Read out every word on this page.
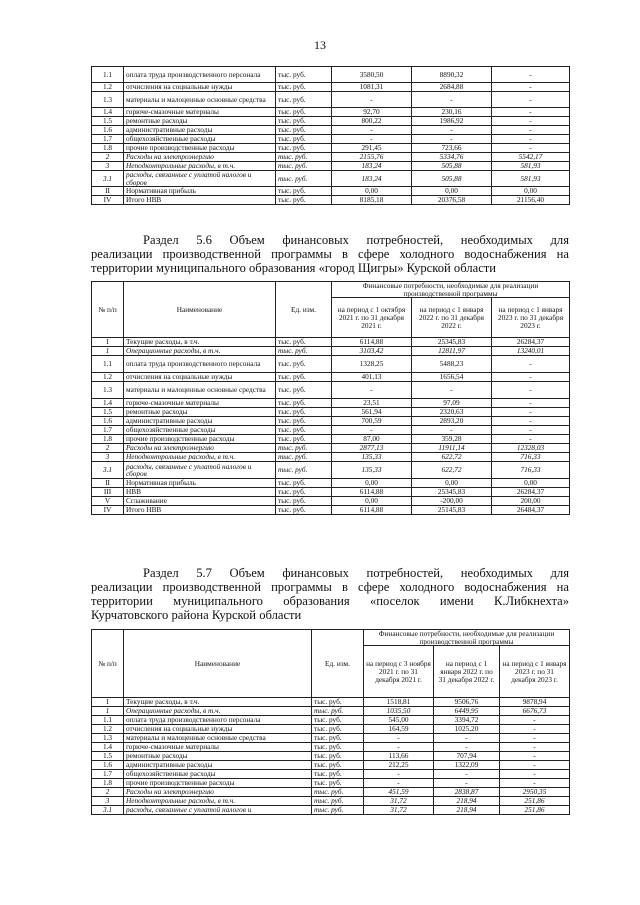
13
1.1	оплата труда производственного персонала	тыс. руб.	3580,50	8890,32	-
1.2	отчисления на социальные нужды	тыс. руб.	1081,31	2684,88	-
1.3	материалы и малоценные основные средства	тыс. руб.	-	-	-
1.4	горюче-смазочные материалы	тыс. руб.	92,70	230,16	-
1.5	ремонтные расходы	тыс. руб.	800,22	1986,92	-
1.6	административные расходы	тыс. руб.	-	-	-
1.7	общехозяйственные расходы	тыс. руб.	-	-	-
1.8	прочие производственные расходы	тыс. руб.	291,45	723,66	-
2	Расходы на электроэнергию	тыс. руб.	2155,76	5334,76	5542,17
3	Неподконтрольные расходы, в т.ч.	тыс. руб.	183,24	505,88	581,93
3.1	расходы, связанные с уплатой налогов и сборов	тыс. руб.	183,24	505,88	581,93
II	Нормативная прибыль	тыс. руб.	0,00	0,00	0,00
IV	Итого НВВ	тыс. руб.	8185,18	20376,58	21156,40
Раздел 5.6 Объем финансовых потребностей, необходимых для
реализации производственной программы в сфере холодного водоснабжения на
территории муниципального образования «город Щигры» Курской области
№ п/п	Наименование	Ед. изм.	Финансовые потребности, необходимые для реализации производственной программы		
			на период с 1 октября 2021 г. по 31 декабря 2021 г.	на период с 1 января 2022 г. по 31 декабря 2022 г.	на период с 1 января 2023 г. по 31 декабря 2023 г.
I	Текущие расходы, в т.ч.	тыс. руб.	6114,88	25345,83	26284,37
1	Операционные расходы, в т.ч.	тыс. руб.	3103,42	12811,97	13240,01
1.1	оплата труда производственного персонала	тыс. руб.	1328,25	5488,23	-
1.2	отчисления на социальные нужды	тыс. руб.	401,13	1656,54	-
1.3	материалы и малоценные основные средства	тыс. руб.	-	-	-
1.4	горюче-смазочные материалы	тыс. руб.	23,51	97,09	-
1.5	ремонтные расходы	тыс. руб.	561,94	2320,63	-
1.6	административные расходы	тыс. руб.	700,59	2893,20	-
1.7	общехозяйственные расходы	тыс. руб.	-	-	-
1.8	прочие производственные расходы	тыс. руб.	87,00	359,28	-
2	Расходы на электроэнергию	тыс. руб.	2877,13	11911,14	12328,03
3	Неподконтрольные расходы, в т.ч.	тыс. руб.	135,33	622,72	716,33
3.1	расходы, связанные с уплатой налогов и сборов	тыс. руб.	135,33	622,72	716,33
II	Нормативная прибыль	тыс. руб.	0,00	0,00	0,00
III	НВВ	тыс. руб.	6114,88	25345,83	26284,37
V	Сглаживание	тыс. руб.	0,00	-200,00	200,00
IV	Итого НВВ	тыс. руб.	6114,88	25145,83	26484,37
Раздел 5.7 Объем финансовых потребностей, необходимых для
реализации производственной программы в сфере холодного водоснабжения на
территории муниципального образования «поселок имени К.Либкнехта»
Курчатовского района Курской области
№ п/п	Наименование	Ед. изм.	Финансовые потребности, необходимые для реализации производственной программы		
			на период с 3 ноября 2021 г. по 31 декабря 2021 г.	на период с 1 января 2022 г. по 31 декабря 2022 г.	на период с 1 января 2023 г. по 31 декабря 2023 г.
I	Текущие расходы, в т.ч.	тыс. руб.	1518,81	9506,76	9878,94
1	Операционные расходы, в т.ч.	тыс. руб.	1035,50	6449,95	6676,73
1.1	оплата труда производственного персонала	тыс. руб.	545,00	3394,72	-
1.2	отчисления на социальные нужды	тыс. руб.	164,59	1025,20	-
1.3	материалы и малоценные основные средства	тыс. руб.	-	-	-
1.4	горюче-смазочные материалы	тыс. руб.	-	-	-
1.5	ремонтные расходы	тыс. руб.	113,66	707,94	-
1.6	административные расходы	тыс. руб.	212,25	1322,09	-
1.7	общехозяйственные расходы	тыс. руб.	-	-	-
1.8	прочие производственные расходы	тыс. руб.	-	-	-
2	Расходы на электроэнергию	тыс. руб.	451,59	2838,87	2950,35
3	Неподконтрольные расходы, в т.ч.	тыс. руб.	31,72	218,94	251,86
3.1	расходы, связанные с уплатой налогов и	тыс. руб.	31,72	218,94	251,86
